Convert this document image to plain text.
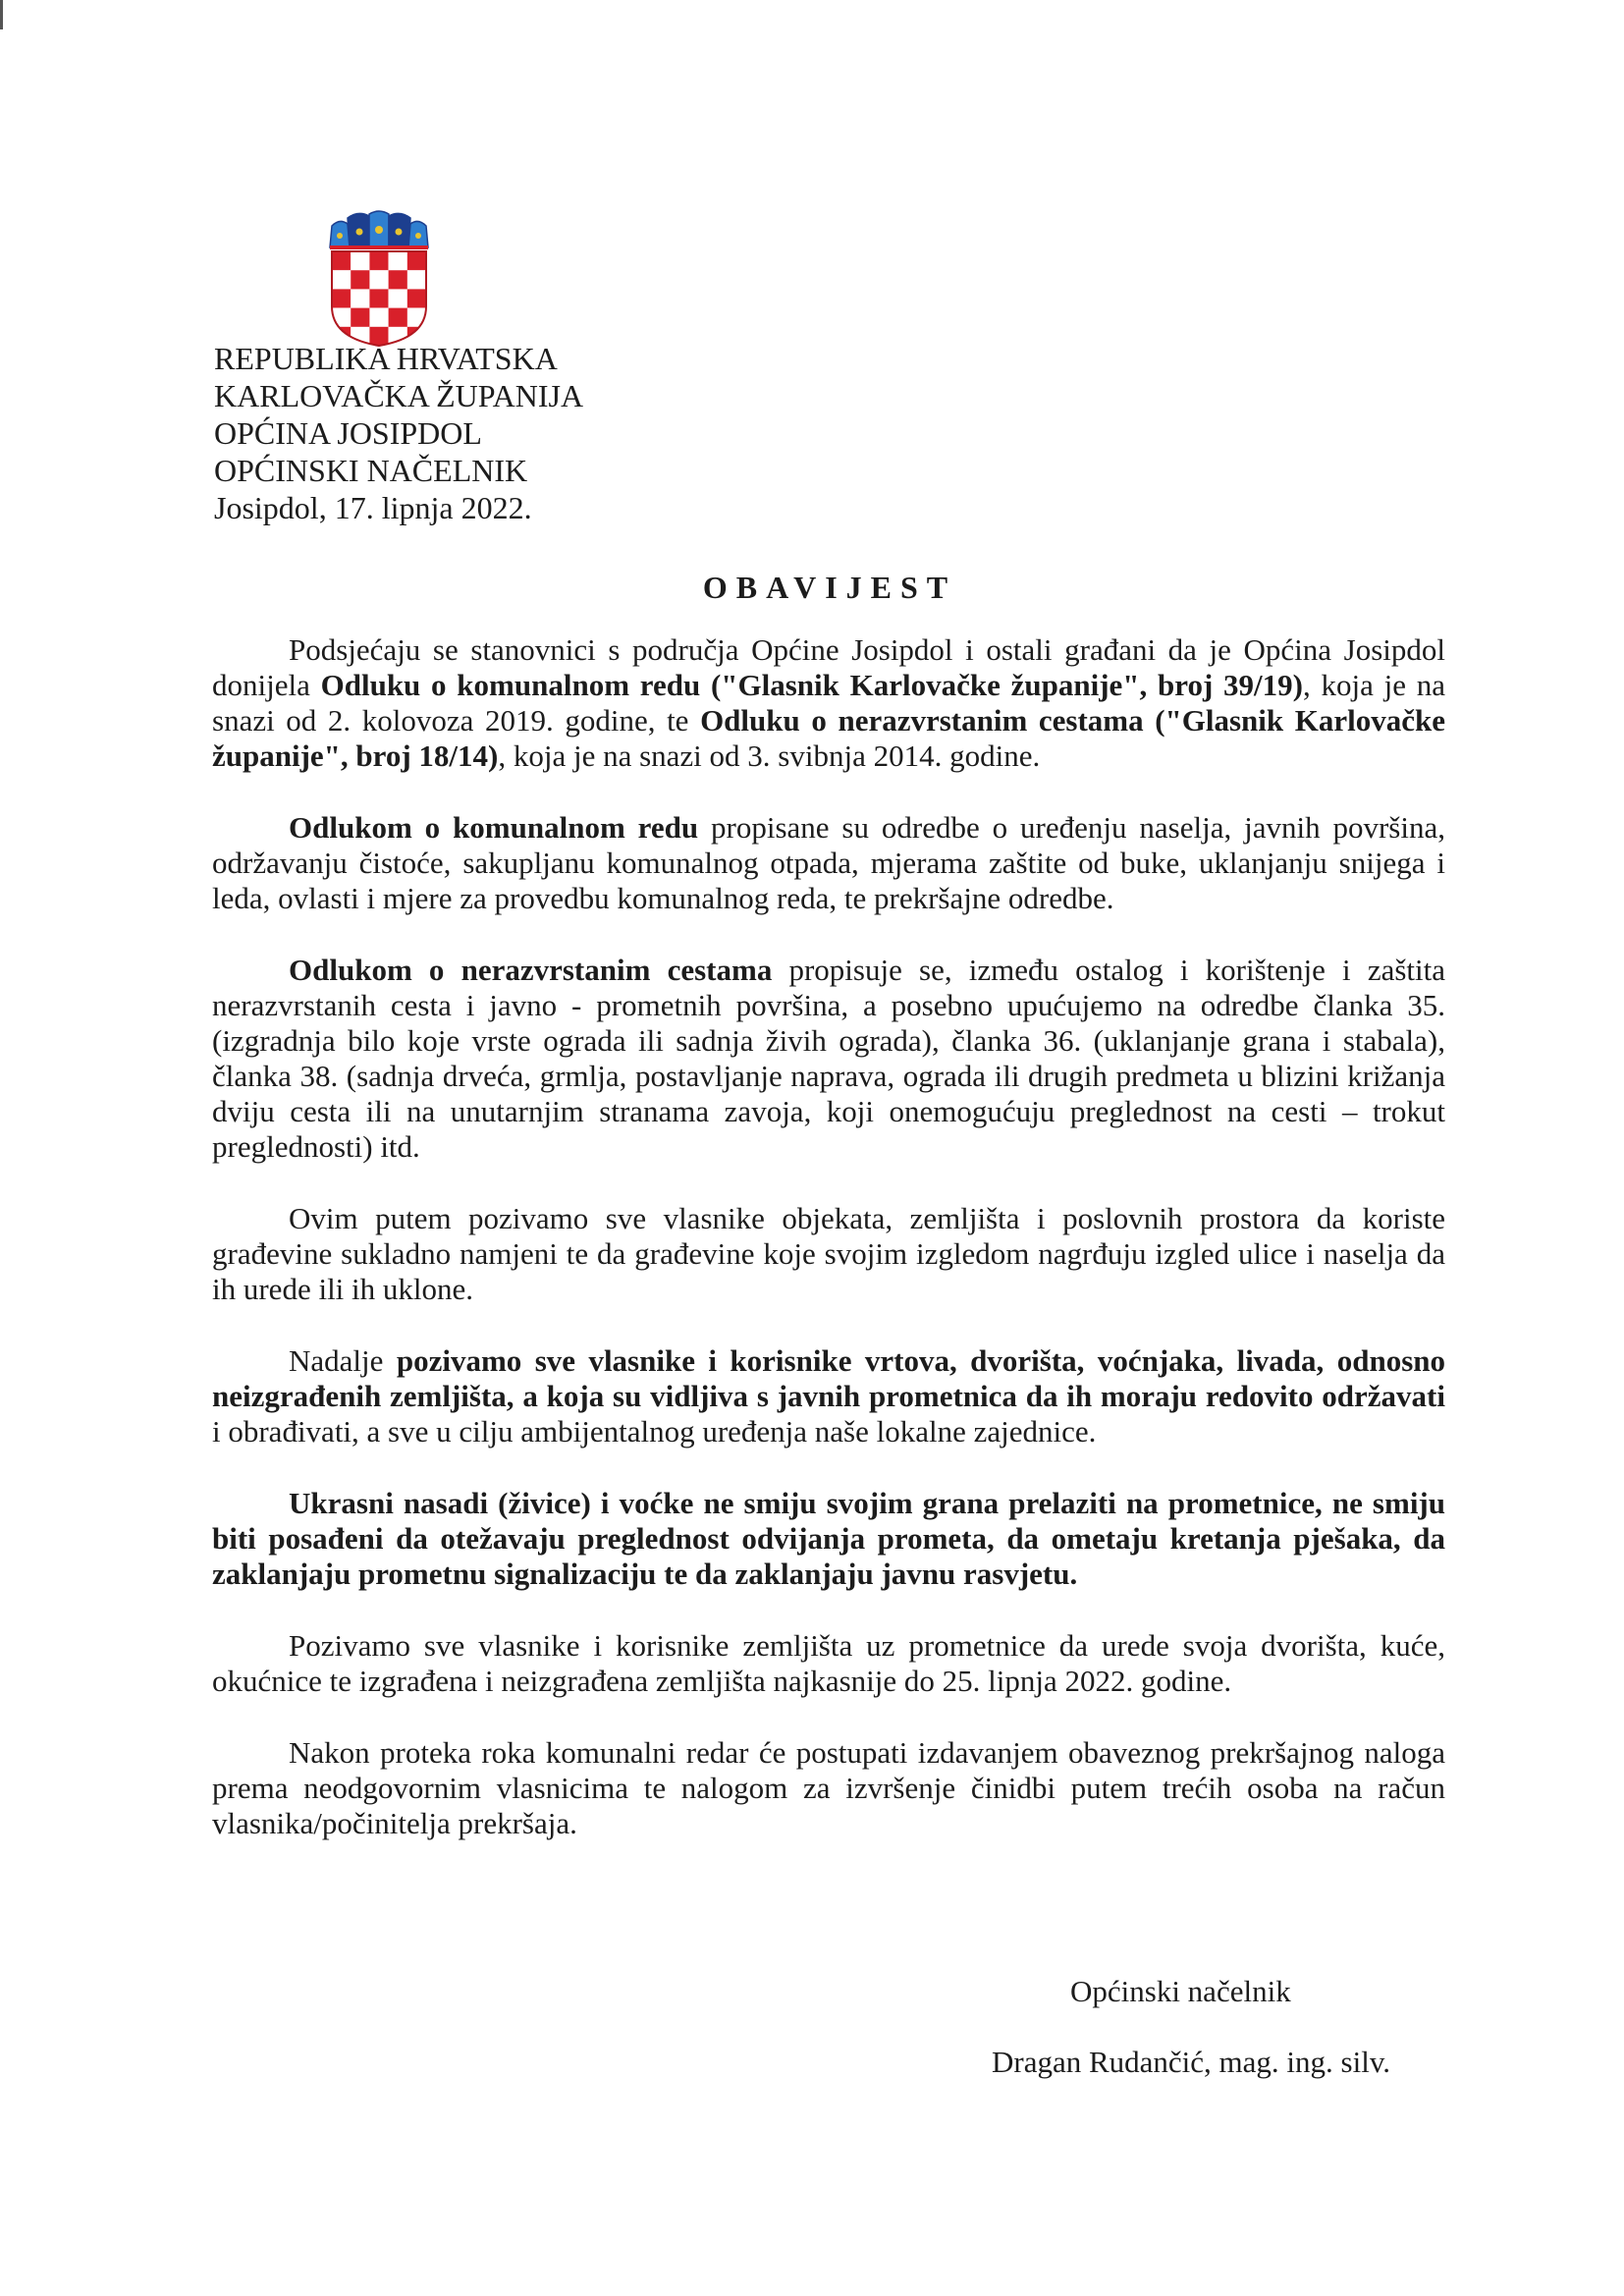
REPUBLIKA HRVATSKA
KARLOVAČKA ŽUPANIJA
OPĆINA JOSIPDOL
OPĆINSKI NAČELNIK
Josipdol, 17. lipnja 2022.
OBAVIJEST

Podsjećaju se stanovnici s područja Općine Josipdol i ostali građani da je Općina Josipdol donijela Odluku o komunalnom redu ("Glasnik Karlovačke županije", broj 39/19), koja je na snazi od 2. kolovoza 2019. godine, te Odluku o nerazvrstanim cestama ("Glasnik Karlovačke županije", broj 18/14), koja je na snazi od 3. svibnja 2014. godine.

Odlukom o komunalnom redu propisane su odredbe o uređenju naselja, javnih površina, održavanju čistoće, sakupljanu komunalnog otpada, mjerama zaštite od buke, uklanjanju snijega i leda, ovlasti i mjere za provedbu komunalnog reda, te prekršajne odredbe.

Odlukom o nerazvrstanim cestama propisuje se, između ostalog i korištenje i zaštita nerazvrstanih cesta i javno - prometnih površina, a posebno upućujemo na odredbe članka 35. (izgradnja bilo koje vrste ograda ili sadnja živih ograda), članka 36. (uklanjanje grana i stabala), članka 38. (sadnja drveća, grmlja, postavljanje naprava, ograda ili drugih predmeta u blizini križanja dviju cesta ili na unutarnjim stranama zavoja, koji onemogućuju preglednost na cesti – trokut preglednosti) itd.

Ovim putem pozivamo sve vlasnike objekata, zemljišta i poslovnih prostora da koriste građevine sukladno namjeni te da građevine koje svojim izgledom nagrđuju izgled ulice i naselja da ih urede ili ih uklone.

Nadalje pozivamo sve vlasnike i korisnike vrtova, dvorišta, voćnjaka, livada, odnosno neizgrađenih zemljišta, a koja su vidljiva s javnih prometnica da ih moraju redovito održavati i obrađivati, a sve u cilju ambijentalnog uređenja naše lokalne zajednice.

Ukrasni nasadi (živice) i voćke ne smiju svojim grana prelaziti na prometnice, ne smiju biti posađeni da otežavaju preglednost odvijanja prometa, da ometaju kretanja pješaka, da zaklanjaju prometnu signalizaciju te da zaklanjaju javnu rasvjetu.

Pozivamo sve vlasnike i korisnike zemljišta uz prometnice da urede svoja dvorišta, kuće, okućnice te izgrađena i neizgrađena zemljišta najkasnije do 25. lipnja 2022. godine.

Nakon proteka roka komunalni redar će postupati izdavanjem obaveznog prekršajnog naloga prema neodgovornim vlasnicima te nalogom za izvršenje činidbi putem trećih osoba na račun vlasnika/počinitelja prekršaja.

Općinski načelnik
Dragan Rudančić, mag. ing. silv.
